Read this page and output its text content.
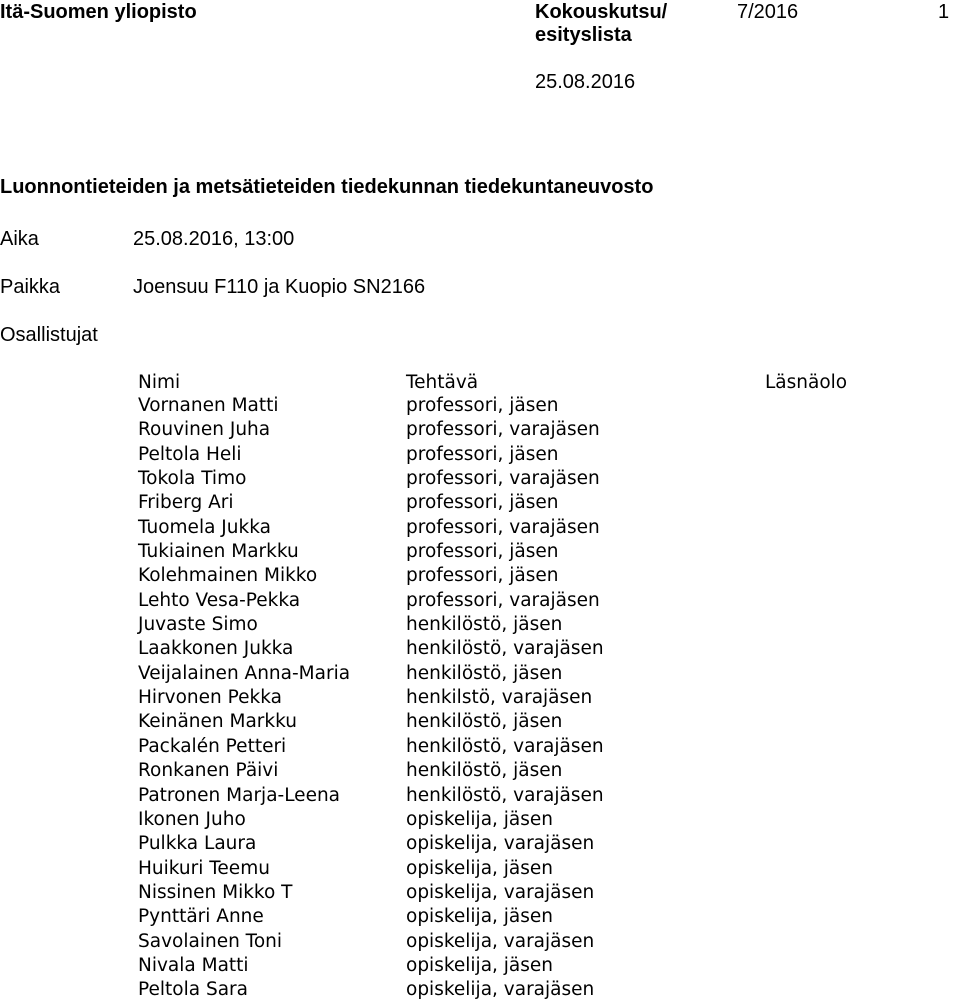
Itä-Suomen yliopisto	Kokouskutsu/
esityslista
7/2016	1
25.08.2016
Luonnontieteiden ja metsätieteiden tiedekunnan tiedekuntaneuvosto
Aika	25.08.2016, 13:00
Paikka	Joensuu F110 ja Kuopio SN2166
Osallistujat
Nimi	Tehtävä	Läsnäolo
Vornanen Matti	professori, jäsen
Rouvinen Juha	professori, varajäsen
Peltola Heli	professori, jäsen
Tokola Timo	professori, varajäsen
Friberg Ari	professori, jäsen
Tuomela Jukka	professori, varajäsen
Tukiainen Markku	professori, jäsen
Kolehmainen Mikko	professori, jäsen
Lehto Vesa-Pekka	professori, varajäsen
Juvaste Simo	henkilöstö, jäsen
Laakkonen Jukka	henkilöstö, varajäsen
Veijalainen Anna-Maria	henkilöstö, jäsen
Hirvonen Pekka	henkilstö, varajäsen
Keinänen Markku	henkilöstö, jäsen
Packalén Petteri	henkilöstö, varajäsen
Ronkanen Päivi	henkilöstö, jäsen
Patronen Marja-Leena	henkilöstö, varajäsen
Ikonen Juho	opiskelija, jäsen
Pulkka Laura	opiskelija, varajäsen
Huikuri Teemu	opiskelija, jäsen
Nissinen Mikko T	opiskelija, varajäsen
Pynttäri Anne	opiskelija, jäsen
Savolainen Toni	opiskelija, varajäsen
Nivala Matti	opiskelija, jäsen
Peltola Sara	opiskelija, varajäsen
